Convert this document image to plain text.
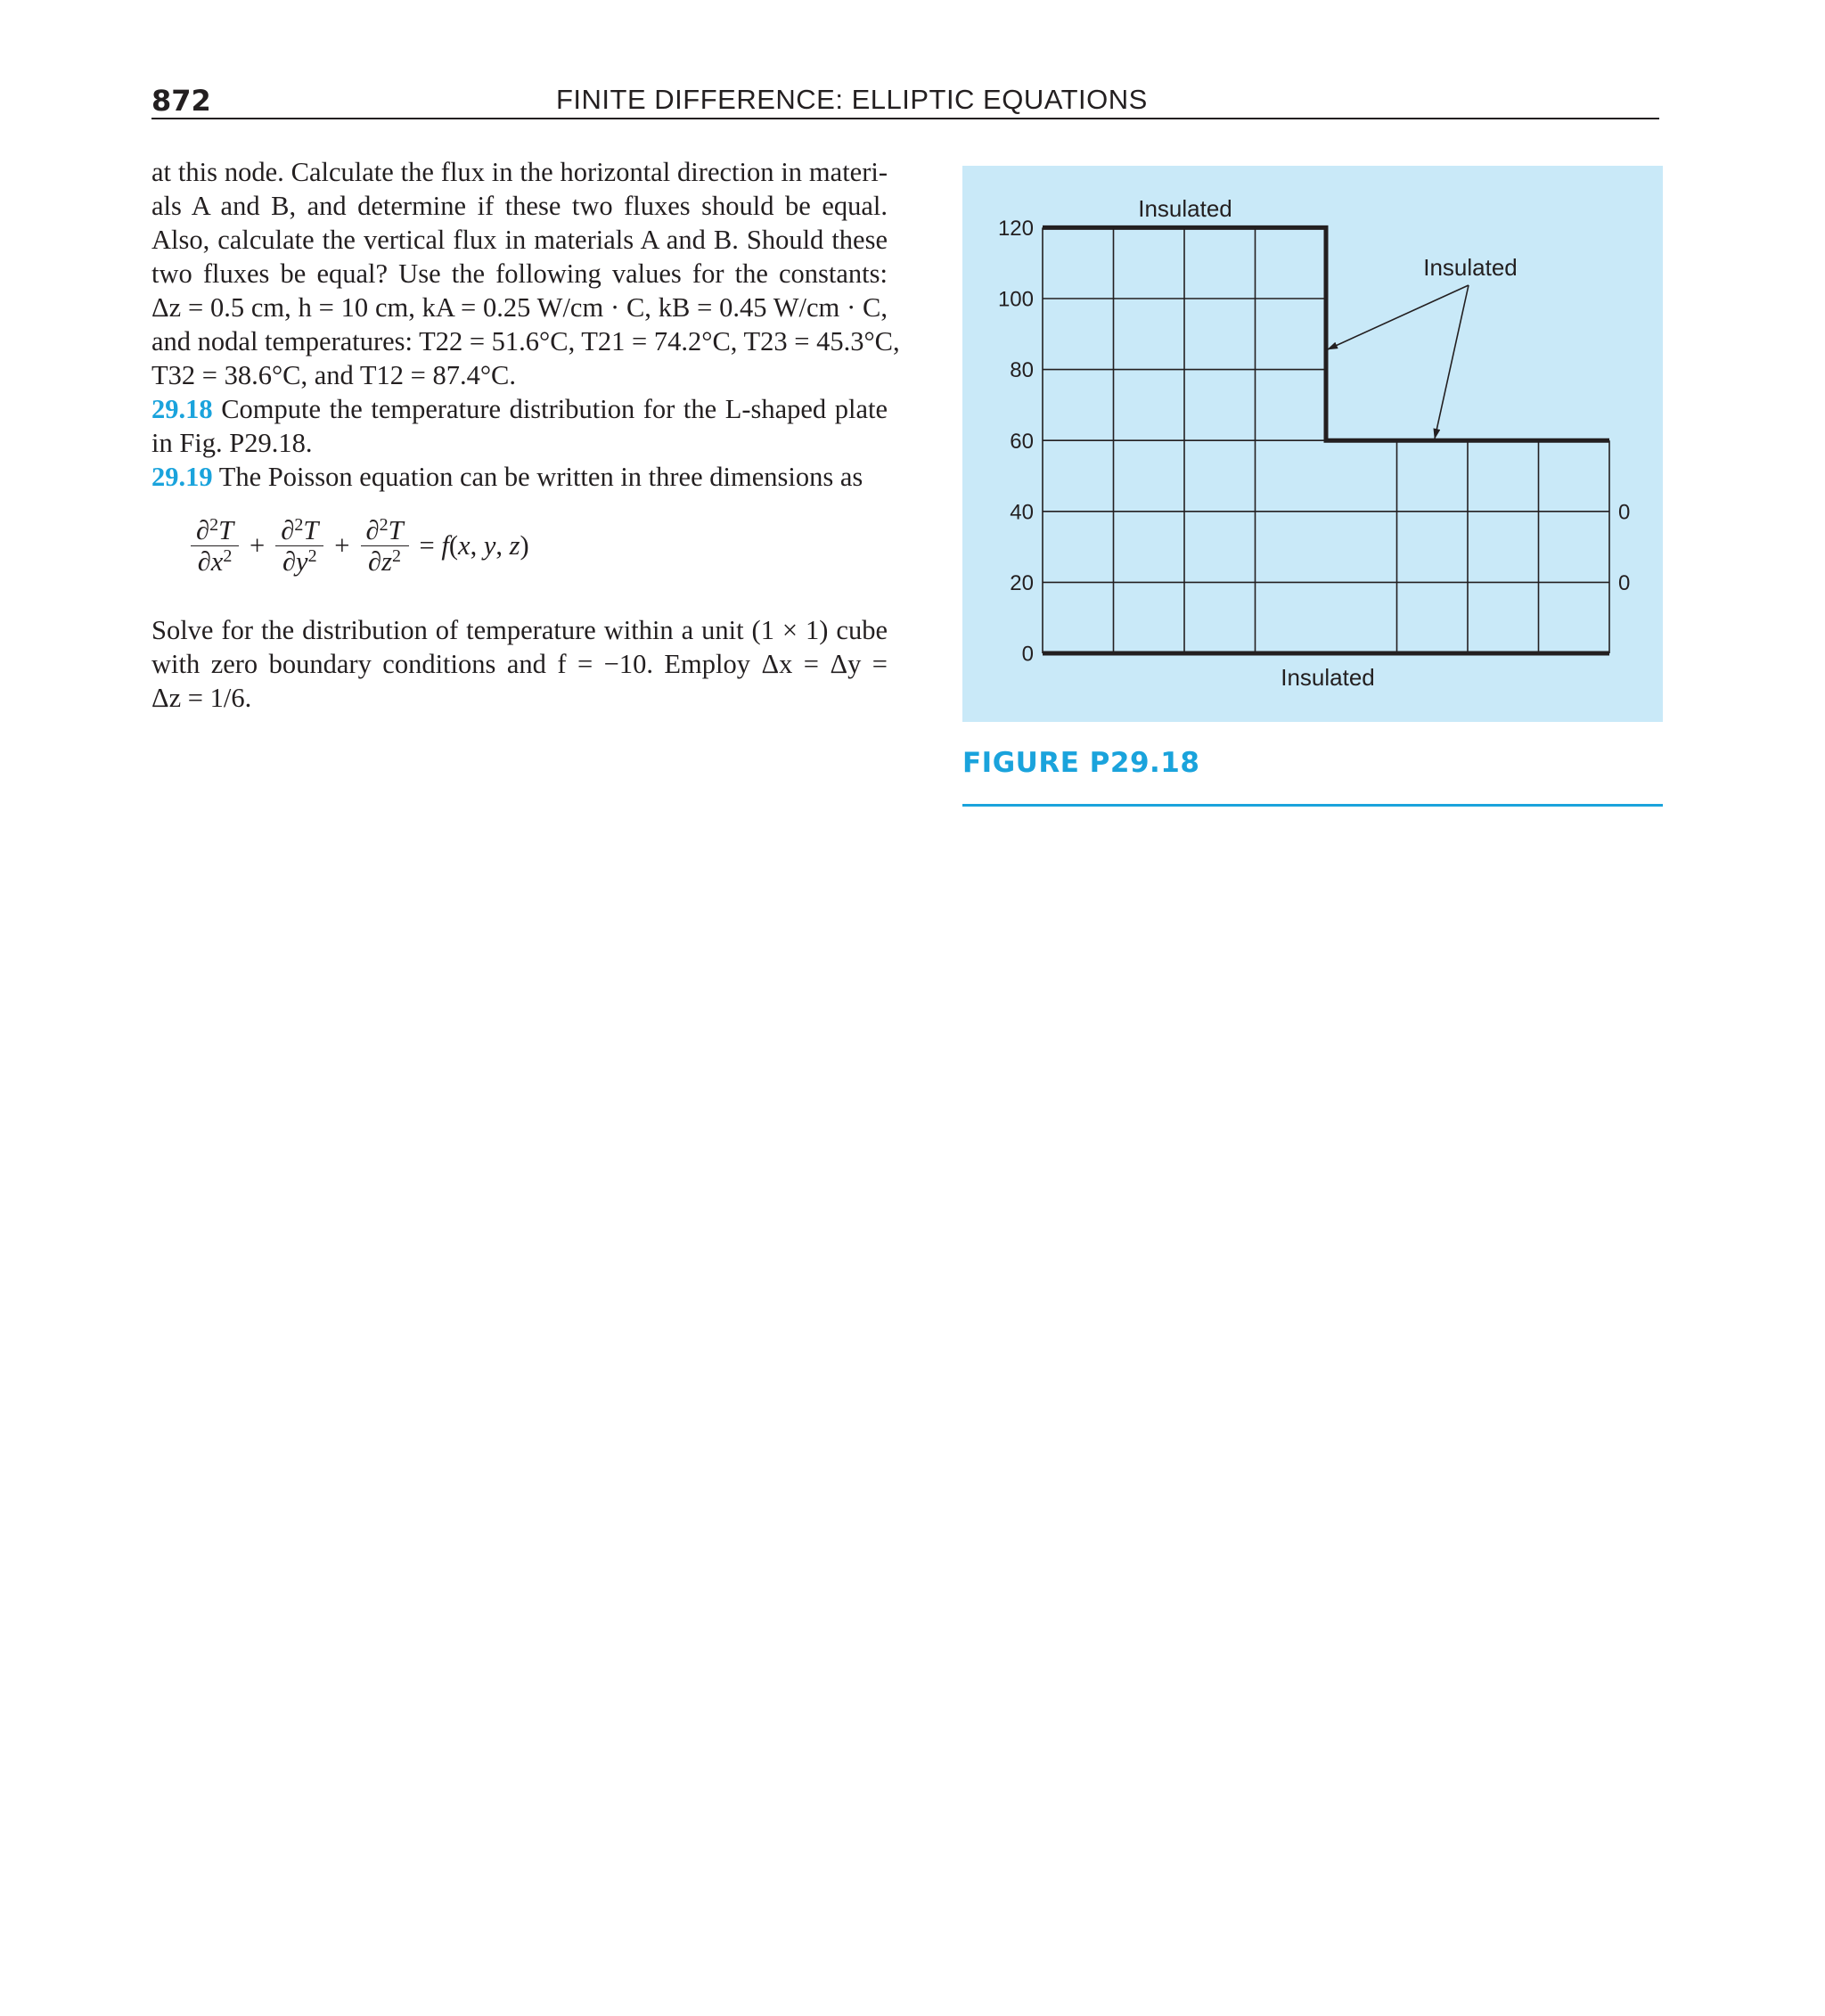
872	FINITE DIFFERENCE: ELLIPTIC EQUATIONS
at this node. Calculate the flux in the horizontal direction in materi-
als A and B, and determine if these two fluxes should be equal.
Also, calculate the vertical flux in materials A and B. Should these
two fluxes be equal? Use the following values for the constants:
Δz = 0.5 cm, h = 10 cm, kA = 0.25 W/cm · C, kB = 0.45 W/cm · C,
and nodal temperatures: T22 = 51.6°C, T21 = 74.2°C, T23 = 45.3°C,
T32 = 38.6°C, and T12 = 87.4°C.
29.18 Compute the temperature distribution for the L-shaped plate
in Fig. P29.18.
29.19 The Poisson equation can be written in three dimensions as
$\frac{\partial^2T}{\partial x^2} + \frac{\partial^2T}{\partial y^2} + \frac{\partial^2T}{\partial z^2} = f(x$, y, z)
Solve for the distribution of temperature within a unit (1 × 1) cube
with zero boundary conditions and f = −10. Employ Δx = Δy =
Δz = 1/6.
120
100
80
60
40
20
0
0
0
Insulated
Insulated
Insulated
FIGURE P29.18
